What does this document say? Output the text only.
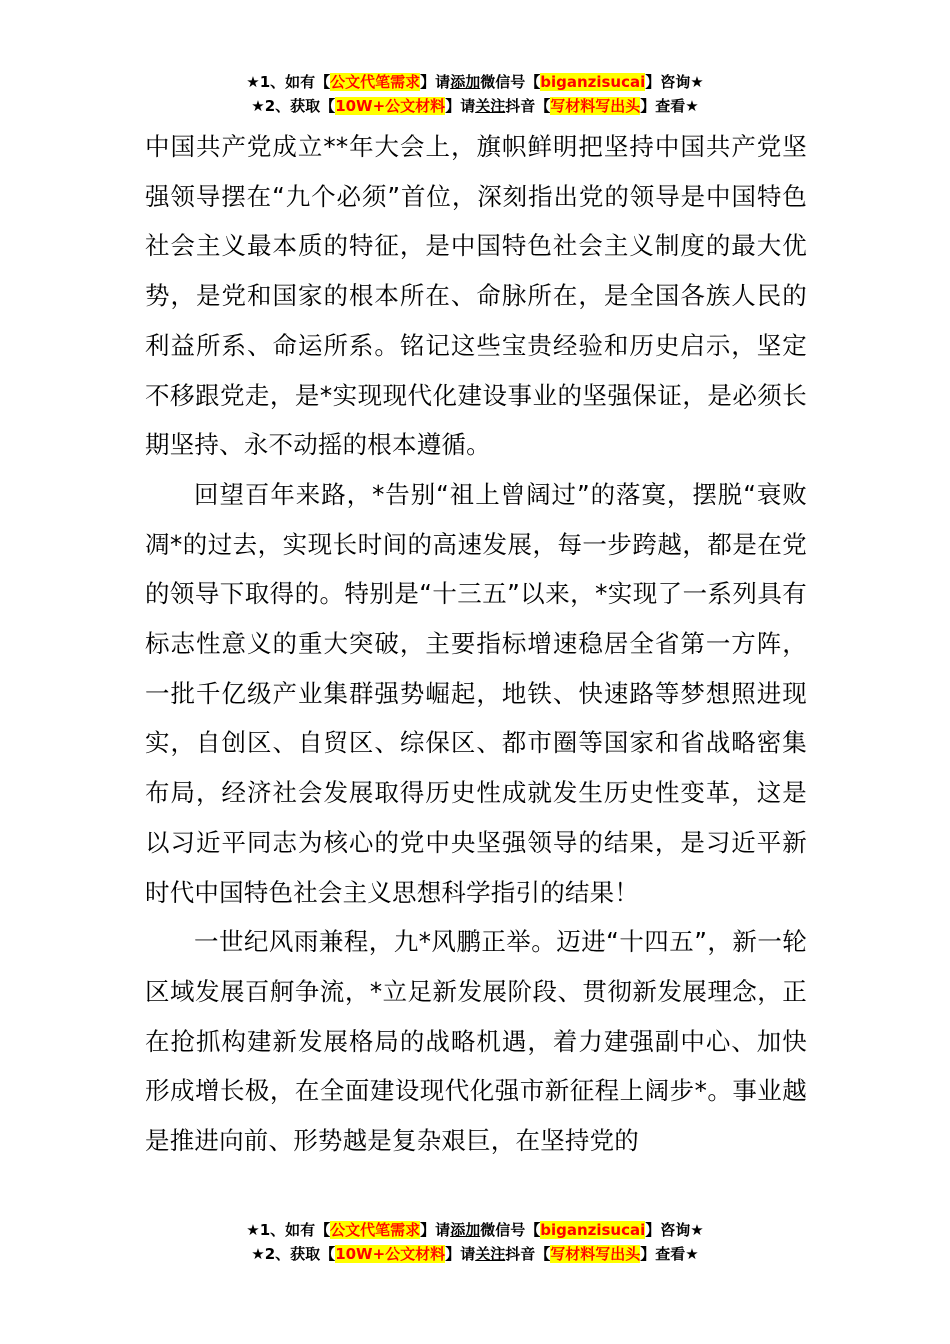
★1、如有【公文代笔需求】请添加微信号【biganzisucai】咨询★
★2、获取【10W+公文材料】请关注抖音【写材料写出头】查看★

中国共产党成立**年大会上，旗帜鲜明把坚持中国共产党坚强领导摆在“九个必须”首位，深刻指出党的领导是中国特色社会主义最本质的特征，是中国特色社会主义制度的最大优势，是党和国家的根本所在、命脉所在，是全国各族人民的利益所系、命运所系。铭记这些宝贵经验和历史启示，坚定不移跟党走，是*实现现代化建设事业的坚强保证，是必须长期坚持、永不动摇的根本遵循。

回望百年来路，*告别“祖上曾阔过”的落寞，摆脱“衰败凋*的过去，实现长时间的高速发展，每一步跨越，都是在党的领导下取得的。特别是“十三五”以来，*实现了一系列具有标志性意义的重大突破，主要指标增速稳居全省第一方阵，一批千亿级产业集群强势崛起，地铁、快速路等梦想照进现实，自创区、自贸区、综保区、都市圈等国家和省战略密集布局，经济社会发展取得历史性成就发生历史性变革，这是以习近平同志为核心的党中央坚强领导的结果，是习近平新时代中国特色社会主义思想科学指引的结果！

一世纪风雨兼程，九*风鹏正举。迈进“十四五”，新一轮区域发展百舸争流，*立足新发展阶段、贯彻新发展理念，正在抢抓构建新发展格局的战略机遇，着力建强副中心、加快形成增长极，在全面建设现代化强市新征程上阔步*。事业越是推进向前、形势越是复杂艰巨，在坚持党的

★1、如有【公文代笔需求】请添加微信号【biganzisucai】咨询★
★2、获取【10W+公文材料】请关注抖音【写材料写出头】查看★
